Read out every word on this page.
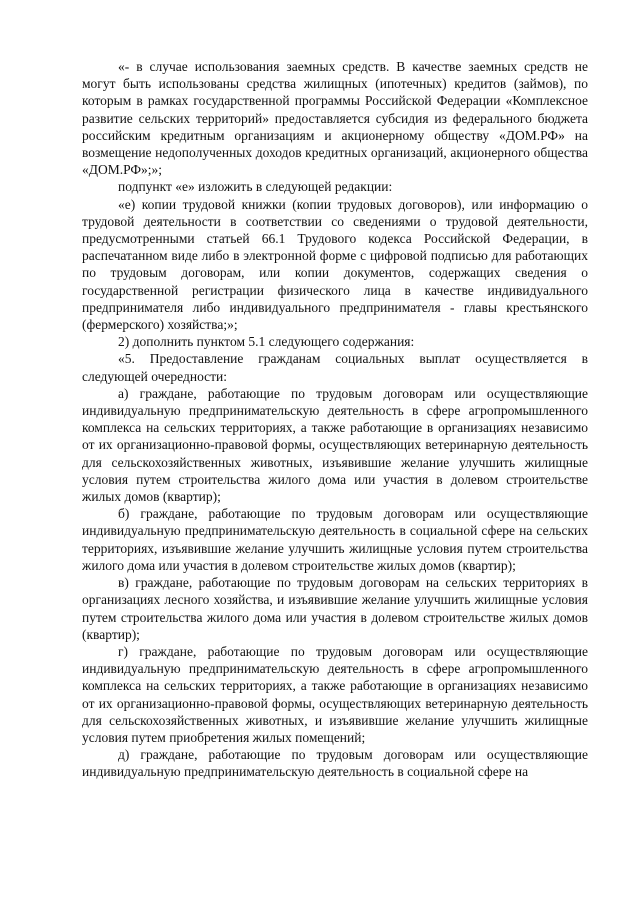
«- в случае использования заемных средств. В качестве заемных средств не могут быть использованы средства жилищных (ипотечных) кредитов (займов), по которым в рамках государственной программы Российской Федерации «Комплексное развитие сельских территорий» предоставляется субсидия из федерального бюджета российским кредитным организациям и акционерному обществу «ДОМ.РФ» на возмещение недополученных доходов кредитных организаций, акционерного общества «ДОМ.РФ»;»;

подпункт «е» изложить в следующей редакции:

«е) копии трудовой книжки (копии трудовых договоров), или информацию о трудовой деятельности в соответствии со сведениями о трудовой деятельности, предусмотренными статьей 66.1 Трудового кодекса Российской Федерации, в распечатанном виде либо в электронной форме с цифровой подписью для работающих по трудовым договорам, или копии документов, содержащих сведения о государственной регистрации физического лица в качестве индивидуального предпринимателя либо индивидуального предпринимателя - главы крестьянского (фермерского) хозяйства;»;

2) дополнить пунктом 5.1 следующего содержания:

«5. Предоставление гражданам социальных выплат осуществляется в следующей очередности:

а) граждане, работающие по трудовым договорам или осуществляющие индивидуальную предпринимательскую деятельность в сфере агропромышленного комплекса на сельских территориях, а также работающие в организациях независимо от их организационно-правовой формы, осуществляющих ветеринарную деятельность для сельскохозяйственных животных, изъявившие желание улучшить жилищные условия путем строительства жилого дома или участия в долевом строительстве жилых домов (квартир);

б) граждане, работающие по трудовым договорам или осуществляющие индивидуальную предпринимательскую деятельность в социальной сфере на сельских территориях, изъявившие желание улучшить жилищные условия путем строительства жилого дома или участия в долевом строительстве жилых домов (квартир);

в) граждане, работающие по трудовым договорам на сельских территориях в организациях лесного хозяйства, и изъявившие желание улучшить жилищные условия путем строительства жилого дома или участия в долевом строительстве жилых домов (квартир);

г) граждане, работающие по трудовым договорам или осуществляющие индивидуальную предпринимательскую деятельность в сфере агропромышленного комплекса на сельских территориях, а также работающие в организациях независимо от их организационно-правовой формы, осуществляющих ветеринарную деятельность для сельскохозяйственных животных, и изъявившие желание улучшить жилищные условия путем приобретения жилых помещений;

д) граждане, работающие по трудовым договорам или осуществляющие индивидуальную предпринимательскую деятельность в социальной сфере на
